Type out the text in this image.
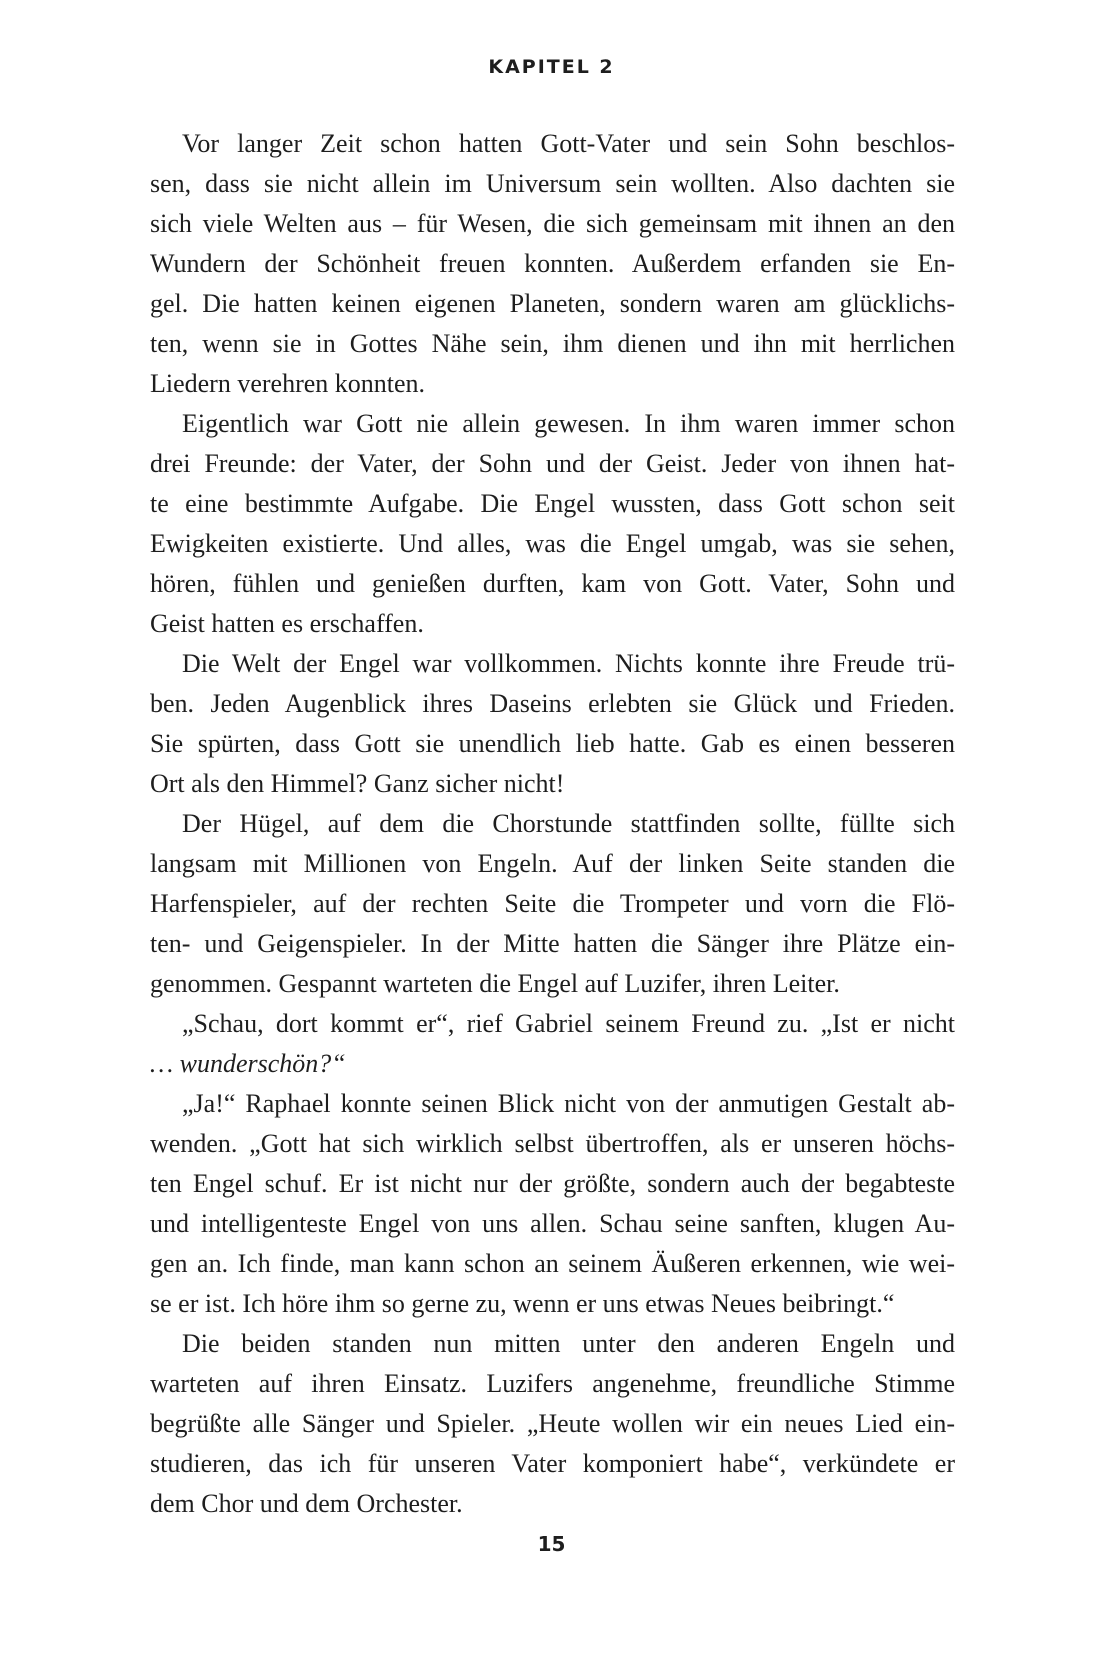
KAPITEL 2
Vor langer Zeit schon hatten Gott-Vater und sein Sohn beschlos-
sen, dass sie nicht allein im Universum sein wollten. Also dachten sie
sich viele Welten aus – für Wesen, die sich gemeinsam mit ihnen an den
Wundern der Schönheit freuen konnten. Außerdem erfanden sie En-
gel. Die hatten keinen eigenen Planeten, sondern waren am glücklichs-
ten, wenn sie in Gottes Nähe sein, ihm dienen und ihn mit herrlichen
Liedern verehren konnten.
Eigentlich war Gott nie allein gewesen. In ihm waren immer schon
drei Freunde: der Vater, der Sohn und der Geist. Jeder von ihnen hat-
te eine bestimmte Aufgabe. Die Engel wussten, dass Gott schon seit
Ewigkeiten existierte. Und alles, was die Engel umgab, was sie sehen,
hören, fühlen und genießen durften, kam von Gott. Vater, Sohn und
Geist hatten es erschaffen.
Die Welt der Engel war vollkommen. Nichts konnte ihre Freude trü-
ben. Jeden Augenblick ihres Daseins erlebten sie Glück und Frieden.
Sie spürten, dass Gott sie unendlich lieb hatte. Gab es einen besseren
Ort als den Himmel? Ganz sicher nicht!
Der Hügel, auf dem die Chorstunde stattfinden sollte, füllte sich
langsam mit Millionen von Engeln. Auf der linken Seite standen die
Harfenspieler, auf der rechten Seite die Trompeter und vorn die Flö-
ten- und Geigenspieler. In der Mitte hatten die Sänger ihre Plätze ein-
genommen. Gespannt warteten die Engel auf Luzifer, ihren Leiter.
„Schau, dort kommt er“, rief Gabriel seinem Freund zu. „Ist er nicht
… wunderschön?“
„Ja!“ Raphael konnte seinen Blick nicht von der anmutigen Gestalt ab-
wenden. „Gott hat sich wirklich selbst übertroffen, als er unseren höchs-
ten Engel schuf. Er ist nicht nur der größte, sondern auch der begabteste
und intelligenteste Engel von uns allen. Schau seine sanften, klugen Au-
gen an. Ich finde, man kann schon an seinem Äußeren erkennen, wie wei-
se er ist. Ich höre ihm so gerne zu, wenn er uns etwas Neues beibringt.“
Die beiden standen nun mitten unter den anderen Engeln und
warteten auf ihren Einsatz. Luzifers angenehme, freundliche Stimme
begrüßte alle Sänger und Spieler. „Heute wollen wir ein neues Lied ein-
studieren, das ich für unseren Vater komponiert habe“, verkündete er
dem Chor und dem Orchester.
15
